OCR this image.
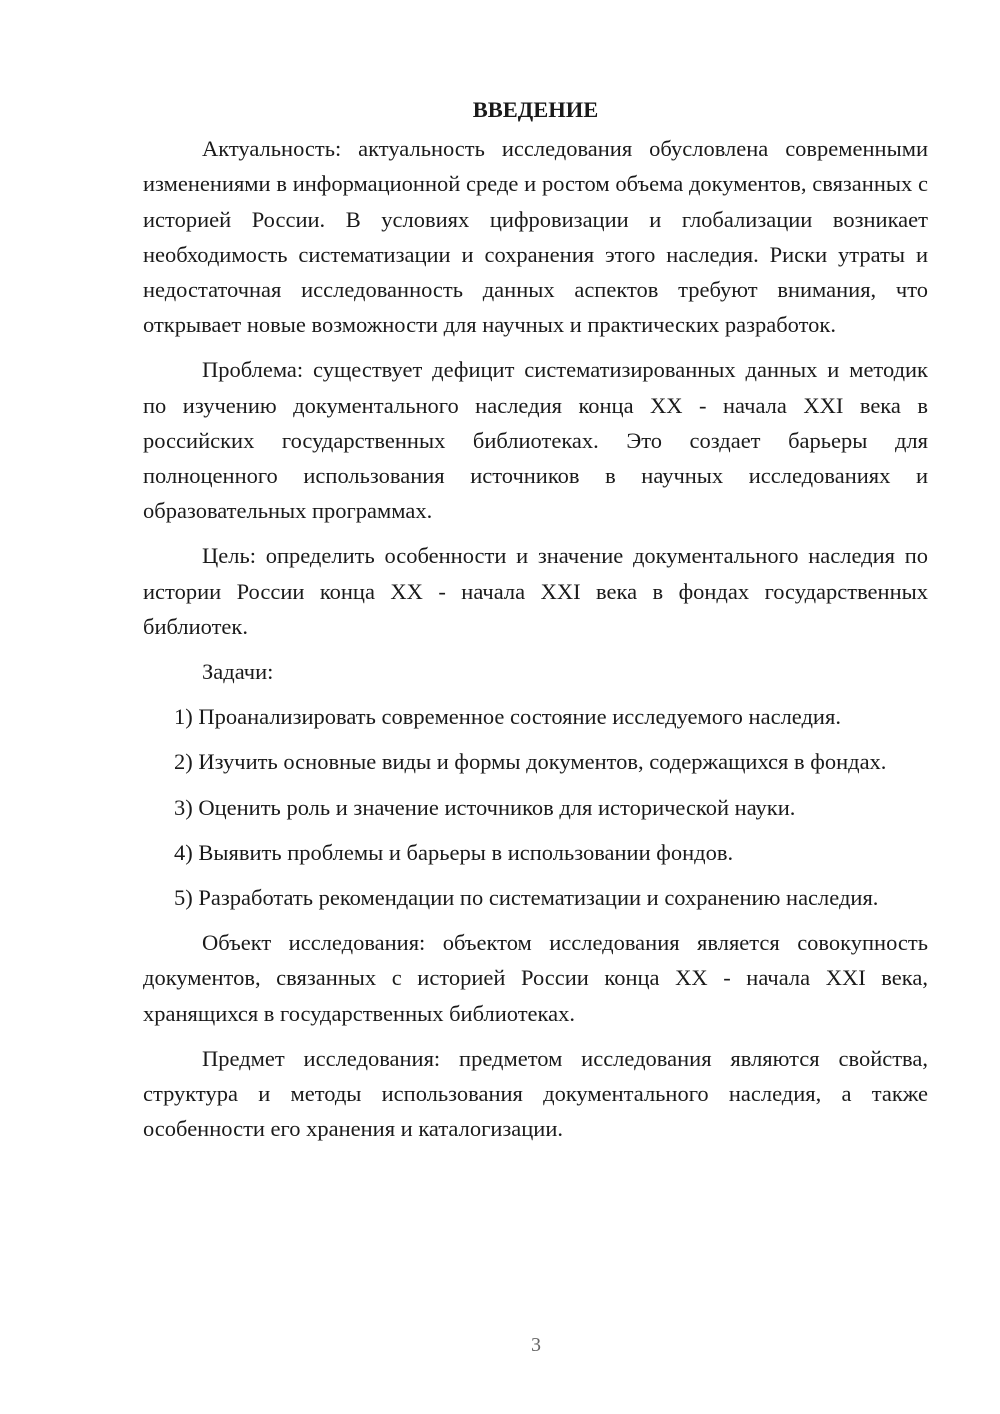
ВВЕДЕНИЕ

Актуальность: актуальность исследования обусловлена современными изменениями в информационной среде и ростом объема документов, связанных с историей России. В условиях цифровизации и глобализации возникает необходимость систематизации и сохранения этого наследия. Риски утраты и недостаточная исследованность данных аспектов требуют внимания, что открывает новые возможности для научных и практических разработок.

Проблема: существует дефицит систематизированных данных и методик по изучению документального наследия конца XX - начала XXI века в российских государственных библиотеках. Это создает барьеры для полноценного использования источников в научных исследованиях и образовательных программах.

Цель: определить особенности и значение документального наследия по истории России конца XX - начала XXI века в фондах государственных библиотек.

Задачи:

1) Проанализировать современное состояние исследуемого наследия.

2) Изучить основные виды и формы документов, содержащихся в фондах.

3) Оценить роль и значение источников для исторической науки.

4) Выявить проблемы и барьеры в использовании фондов.

5) Разработать рекомендации по систематизации и сохранению наследия.

Объект исследования: объектом исследования является совокупность документов, связанных с историей России конца XX - начала XXI века, хранящихся в государственных библиотеках.

Предмет исследования: предметом исследования являются свойства, структура и методы использования документального наследия, а также особенности его хранения и каталогизации.

3
